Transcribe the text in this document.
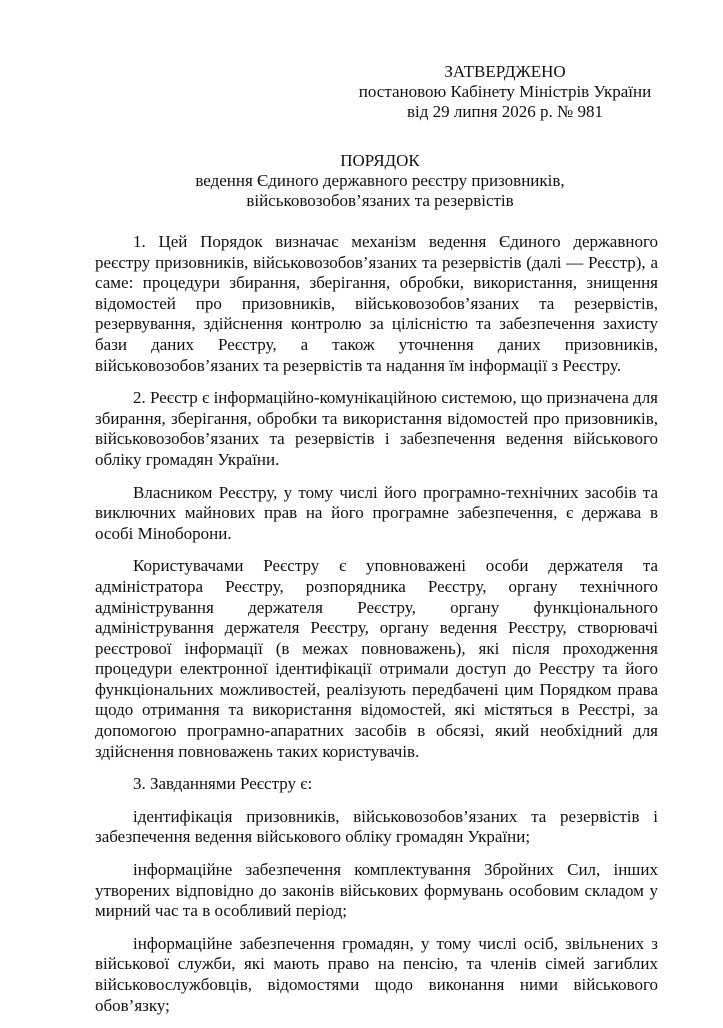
ЗАТВЕРДЖЕНО
постановою Кабінету Міністрів України
від 29 липня 2026 р. № 981
ПОРЯДОК
ведення Єдиного державного реєстру призовників,
військовозобов’язаних та резервістів

1. Цей Порядок визначає механізм ведення Єдиного державного реєстру призовників, військовозобов’язаних та резервістів (далі — Реєстр), а саме: процедури збирання, зберігання, обробки, використання, знищення відомостей про призовників, військовозобов’язаних та резервістів, резервування, здійснення контролю за цілісністю та забезпечення захисту бази даних Реєстру, а також уточнення даних призовників, військовозобов’язаних та резервістів та надання їм інформації з Реєстру.

2. Реєстр є інформаційно-комунікаційною системою, що призначена для збирання, зберігання, обробки та використання відомостей про призовників, військовозобов’язаних та резервістів і забезпечення ведення військового обліку громадян України.

Власником Реєстру, у тому числі його програмно-технічних засобів та виключних майнових прав на його програмне забезпечення, є держава в особі Міноборони.

Користувачами Реєстру є уповноважені особи держателя та адміністратора Реєстру, розпорядника Реєстру, органу технічного адміністрування держателя Реєстру, органу функціонального адміністрування держателя Реєстру, органу ведення Реєстру, створювачі реєстрової інформації (в межах повноважень), які після проходження процедури електронної ідентифікації отримали доступ до Реєстру та його функціональних можливостей, реалізують передбачені цим Порядком права щодо отримання та використання відомостей, які містяться в Реєстрі, за допомогою програмно-апаратних засобів в обсязі, який необхідний для здійснення повноважень таких користувачів.

3. Завданнями Реєстру є:

ідентифікація призовників, військовозобов’язаних та резервістів і забезпечення ведення військового обліку громадян України;

інформаційне забезпечення комплектування Збройних Сил, інших утворених відповідно до законів військових формувань особовим складом у мирний час та в особливий період;

інформаційне забезпечення громадян, у тому числі осіб, звільнених з військової служби, які мають право на пенсію, та членів сімей загиблих військовослужбовців, відомостями щодо виконання ними військового обов’язку;
